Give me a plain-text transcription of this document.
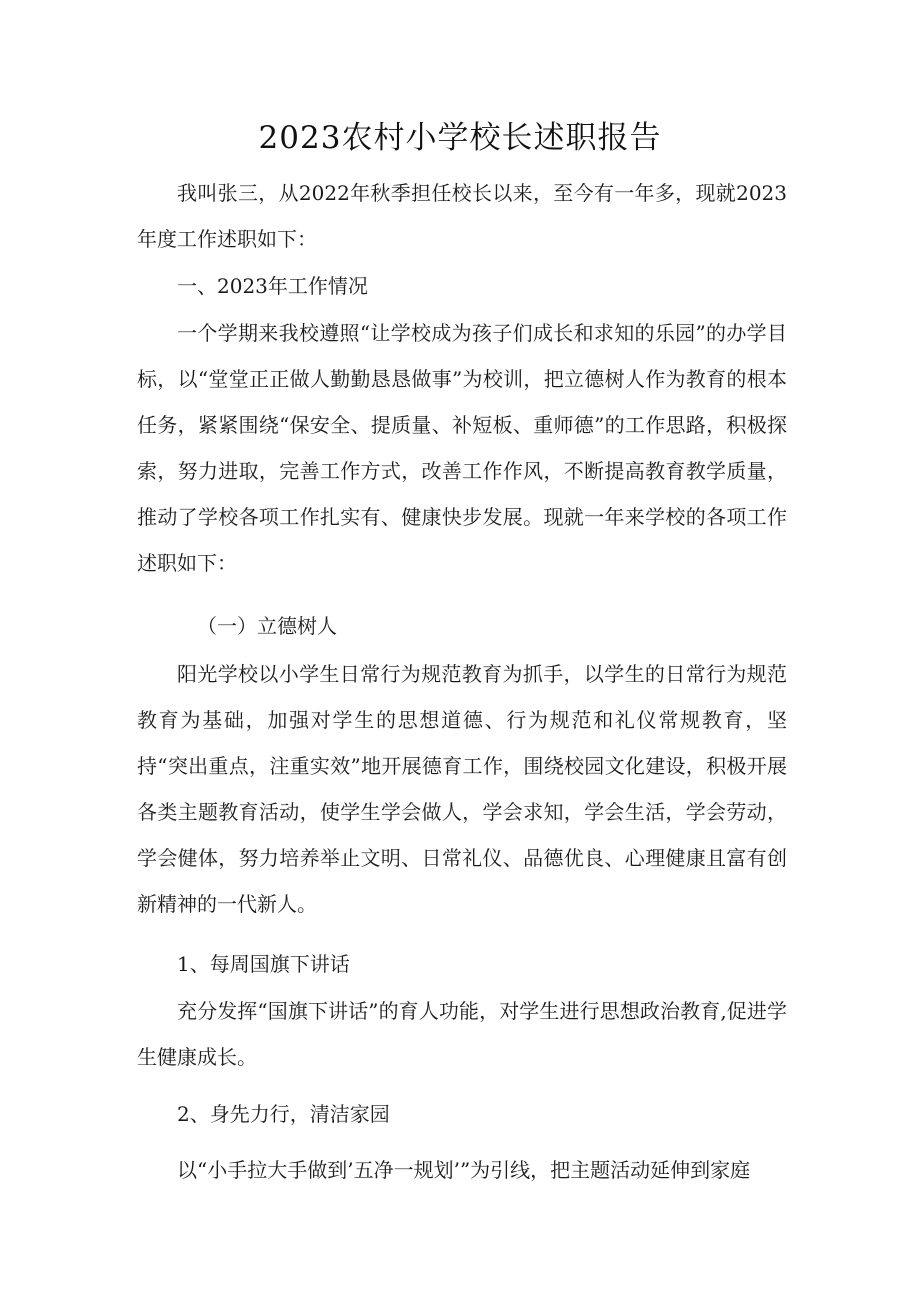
2023农村小学校长述职报告

我叫张三，从2022年秋季担任校长以来，至今有一年多，现就2023年度工作述职如下：

一、2023年工作情况

一个学期来我校遵照“让学校成为孩子们成长和求知的乐园”的办学目标，以“堂堂正正做人勤勤恳恳做事”为校训，把立德树人作为教育的根本任务，紧紧围绕“保安全、提质量、补短板、重师德”的工作思路，积极探索，努力进取，完善工作方式，改善工作作风，不断提高教育教学质量，推动了学校各项工作扎实有、健康快步发展。现就一年来学校的各项工作述职如下：

（一）立德树人

阳光学校以小学生日常行为规范教育为抓手，以学生的日常行为规范教育为基础，加强对学生的思想道德、行为规范和礼仪常规教育，坚持“突出重点，注重实效”地开展德育工作，围绕校园文化建设，积极开展各类主题教育活动，使学生学会做人，学会求知，学会生活，学会劳动，学会健体，努力培养举止文明、日常礼仪、品德优良、心理健康且富有创新精神的一代新人。

1、每周国旗下讲话

充分发挥“国旗下讲话”的育人功能，对学生进行思想政治教育,促进学生健康成长。

2、身先力行，清洁家园

以“小手拉大手做到’五净一规划’”为引线，把主题活动延伸到家庭
